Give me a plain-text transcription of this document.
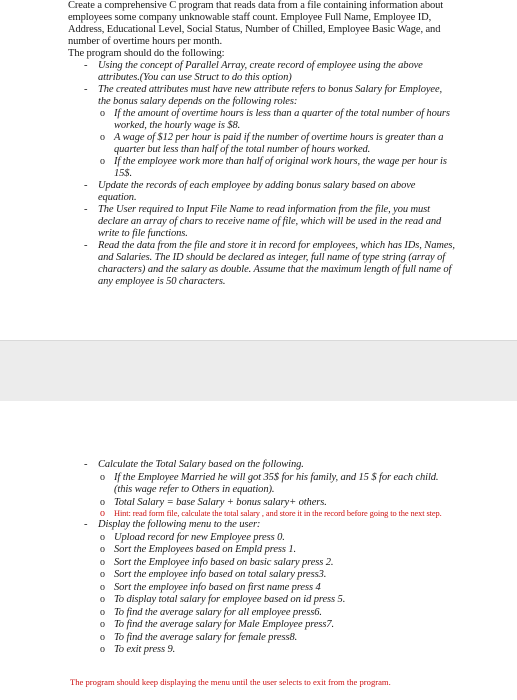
Create a comprehensive C program that reads data from a file containing information about employees some company unknowable staff count. Employee Full Name, Employee ID, Address, Educational Level, Social Status, Number of Chilled, Employee Basic Wage, and number of overtime hours per month.

The program should do the following:

- Using the concept of Parallel Array, create record of employee using the above attributes.(You can use Struct to do this option)
- The created attributes must have new attribute refers to bonus Salary for Employee, the bonus salary depends on the following roles:
o If the amount of overtime hours is less than a quarter of the total number of hours worked, the hourly wage is $8.
o A wage of $12 per hour is paid if the number of overtime hours is greater than a quarter but less than half of the total number of hours worked.
o If the employee work more than half of original work hours, the wage per hour is 15$.
- Update the records of each employee by adding bonus salary based on above equation.
- The User required to Input File Name to read information from the file, you must declare an array of chars to receive name of file, which will be used in the read and write to file functions.
- Read the data from the file and store it in record for employees, which has IDs, Names, and Salaries. The ID should be declared as integer, full name of type string (array of characters) and the salary as double. Assume that the maximum length of full name of any employee is 50 characters.
- Calculate the Total Salary based on the following.
o If the Employee Married he will got 35$ for his family, and 15 $ for each child.(this wage refer to Others in equation).
o Total Salary = base Salary + bonus salary+ others.
o Hint: read form file, calculate the total salary , and store it in the record before going to the next step.
- Display the following menu to the user:
o Upload record for new Employee press 0.
o Sort the Employees based on Empld press 1.
o Sort the Employee info based on basic salary press 2.
o Sort the employee info based on total salary press3.
o Sort the employee info based on first name press 4
o To display total salary for employee based on id press 5.
o To find the average salary for all employee press6.
o To find the average salary for Male Employee press7.
o To find the average salary for female press8.
o To exit press 9.
The program should keep displaying the menu until the user selects to exit from the program.
